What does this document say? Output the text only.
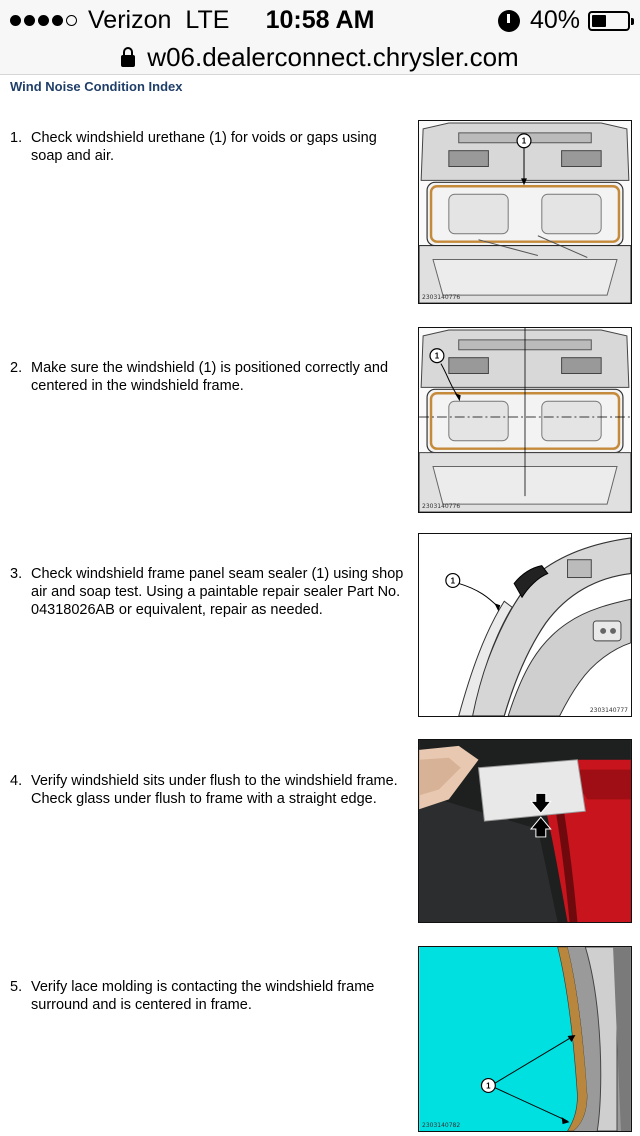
Verizon LTE	10:58 AM	40%
w06.dealerconnect.chrysler.com
Wind Noise Condition Index
1. Check windshield urethane (1) for voids or gaps using soap and air.
1
2303140776
2. Make sure the windshield (1) is positioned correctly and centered in the windshield frame.
1
2303140776
3. Check windshield frame panel seam sealer (1) using shop air and soap test. Using a paintable repair sealer Part No. 04318026AB or equivalent, repair as needed.
1
2303140777
4. Verify windshield sits under flush to the windshield frame. Check glass under flush to frame with a straight edge.
5. Verify lace molding is contacting the windshield frame surround and is centered in frame.
1
2303140782
